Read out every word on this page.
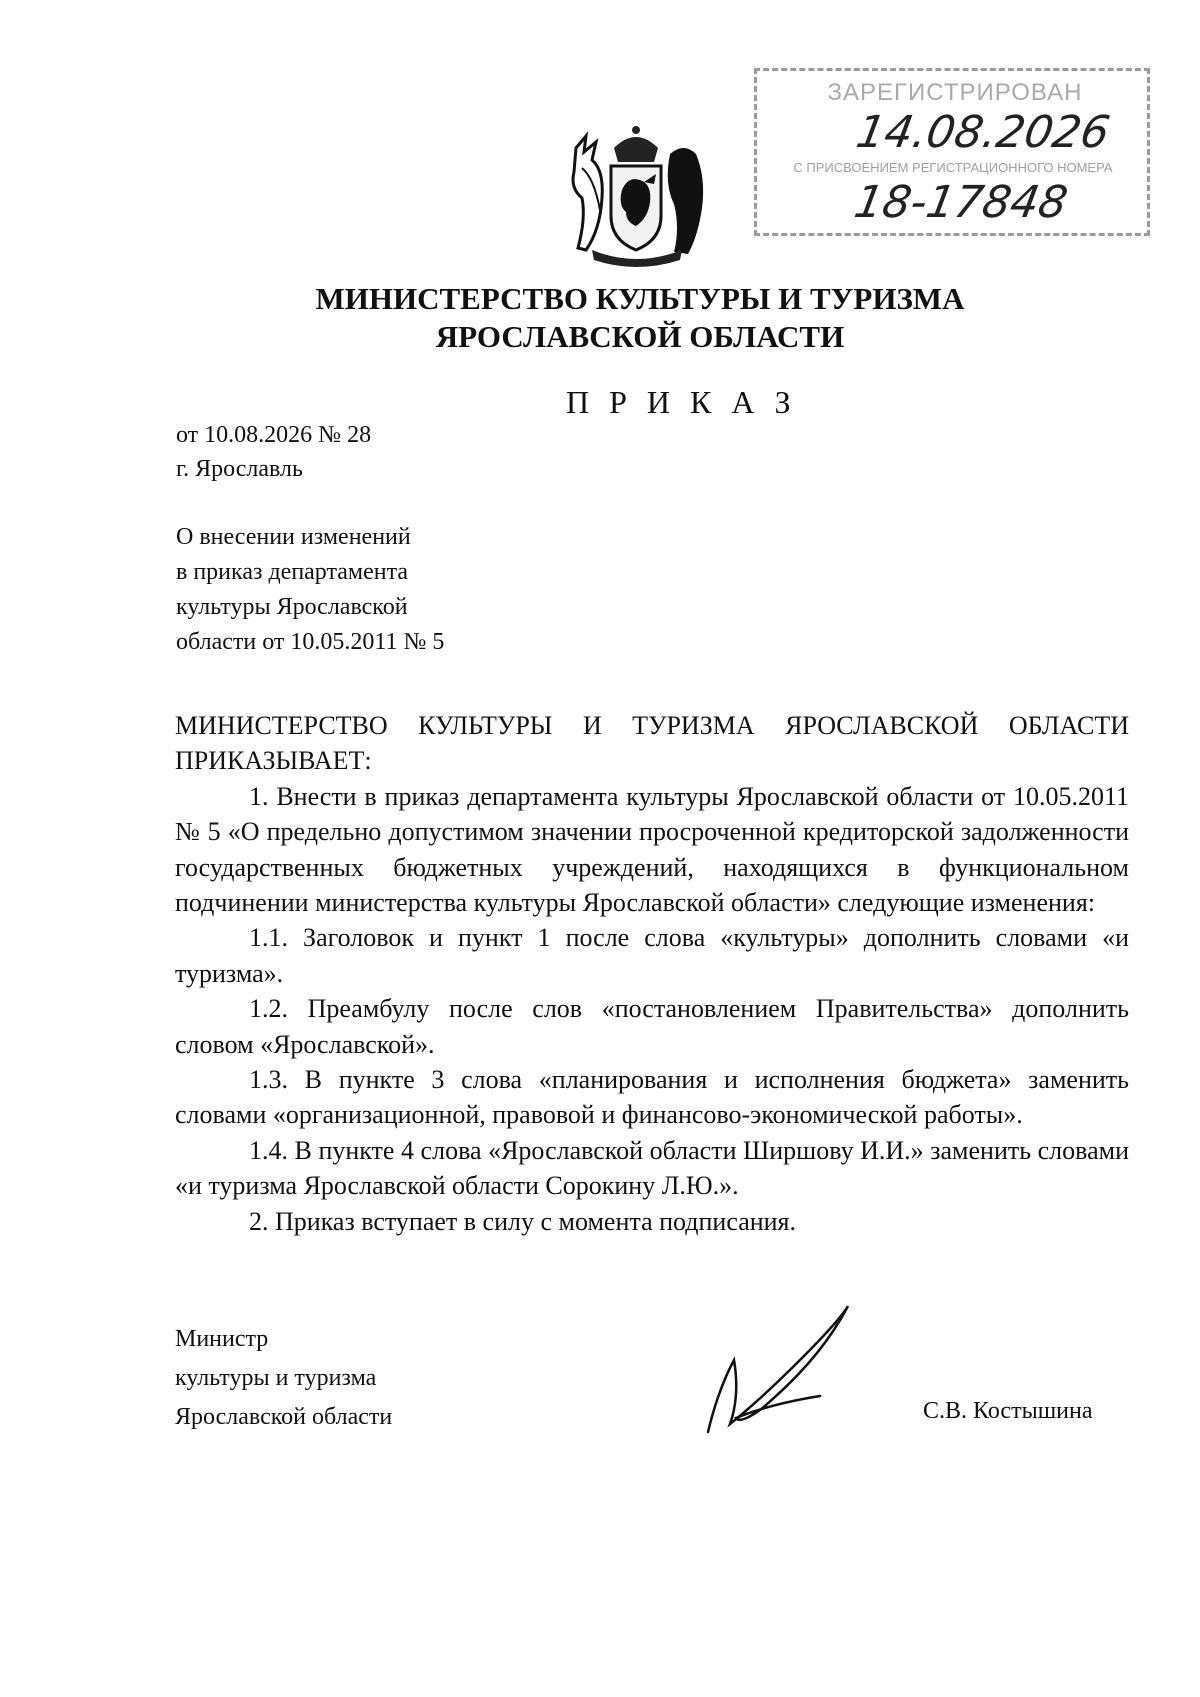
ЗАРЕГИСТРИРОВАН
14.08.2026
С ПРИСВОЕНИЕМ РЕГИСТРАЦИОННОГО НОМЕРА
18-17848
МИНИСТЕРСТВО КУЛЬТУРЫ И ТУРИЗМА
ЯРОСЛАВСКОЙ ОБЛАСТИ
П Р И К А З
от 10.08.2026 № 28
г. Ярославль
О внесении изменений
в приказ департамента
культуры Ярославской
области от 10.05.2011 № 5

МИНИСТЕРСТВО КУЛЬТУРЫ И ТУРИЗМА ЯРОСЛАВСКОЙ ОБЛАСТИ ПРИКАЗЫВАЕТ:

1. Внести в приказ департамента культуры Ярославской области от 10.05.2011 № 5 «О предельно допустимом значении просроченной кредиторской задолженности государственных бюджетных учреждений, находящихся в функциональном подчинении министерства культуры Ярославской области» следующие изменения:

1.1. Заголовок и пункт 1 после слова «культуры» дополнить словами «и туризма».

1.2. Преамбулу после слов «постановлением Правительства» дополнить словом «Ярославской».

1.3. В пункте 3 слова «планирования и исполнения бюджета» заменить словами «организационной, правовой и финансово-экономической работы».

1.4. В пункте 4 слова «Ярославской области Ширшову И.И.» заменить словами «и туризма Ярославской области Сорокину Л.Ю.».

2. Приказ вступает в силу с момента подписания.

Министр
культуры и туризма
Ярославской области	С.В. Костышина
